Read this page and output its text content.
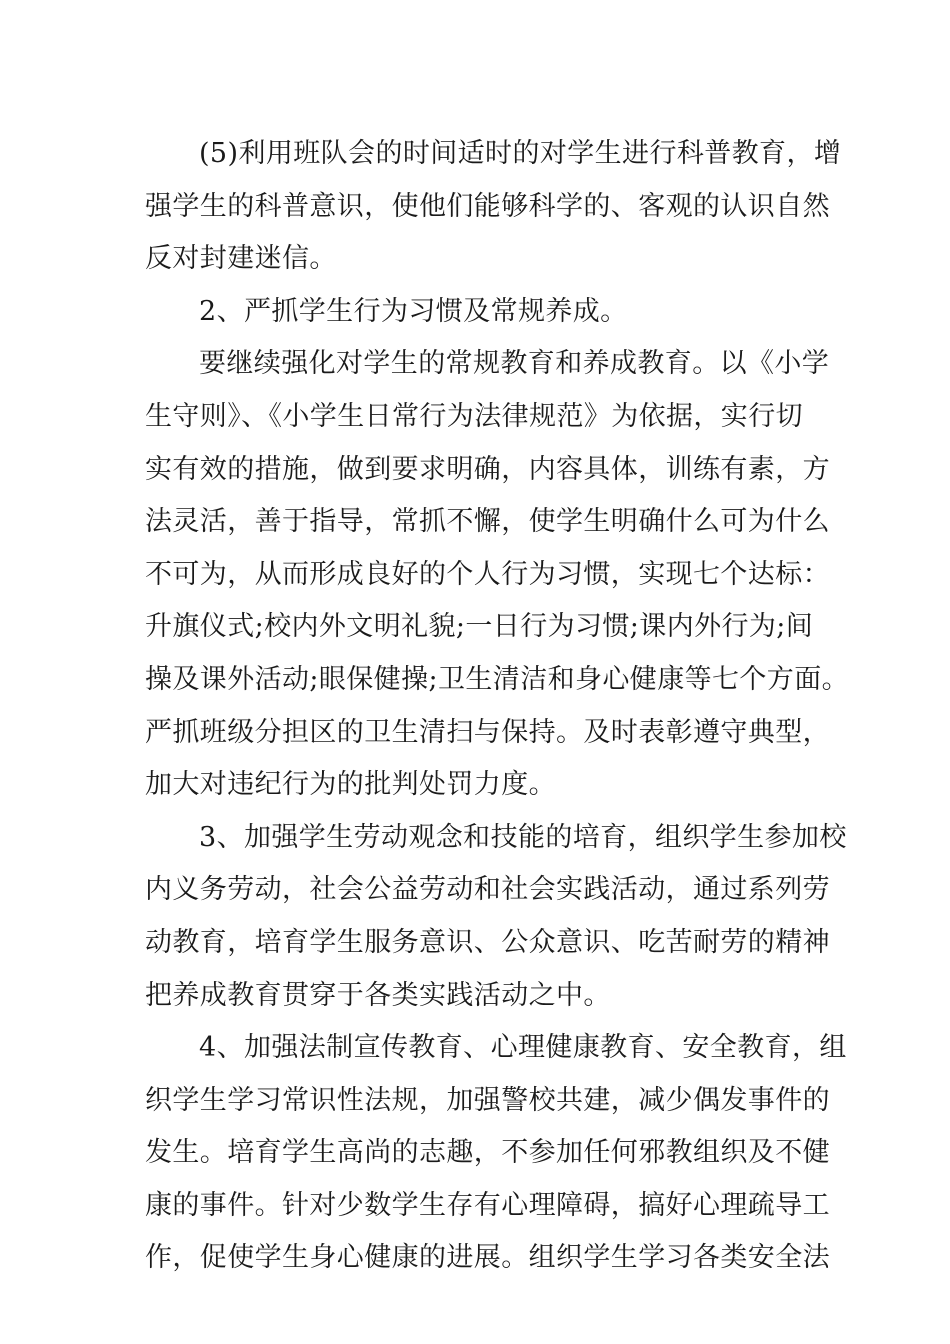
(5)利用班队会的时间适时的对学生进行科普教育，增
强学生的科普意识，使他们能够科学的、客观的认识自然
反对封建迷信。
2、严抓学生行为习惯及常规养成。
要继续强化对学生的常规教育和养成教育。以《小学
生守则》、《小学生日常行为法律规范》为依据，实行切
实有效的措施，做到要求明确，内容具体，训练有素，方
法灵活，善于指导，常抓不懈，使学生明确什么可为什么
不可为，从而形成良好的个人行为习惯，实现七个达标：
升旗仪式;校内外文明礼貌;一日行为习惯;课内外行为;间
操及课外活动;眼保健操;卫生清洁和身心健康等七个方面。
严抓班级分担区的卫生清扫与保持。及时表彰遵守典型，
加大对违纪行为的批判处罚力度。
3、加强学生劳动观念和技能的培育，组织学生参加校
内义务劳动，社会公益劳动和社会实践活动，通过系列劳
动教育，培育学生服务意识、公众意识、吃苦耐劳的精神
把养成教育贯穿于各类实践活动之中。
4、加强法制宣传教育、心理健康教育、安全教育，组
织学生学习常识性法规，加强警校共建，减少偶发事件的
发生。培育学生高尚的志趣，不参加任何邪教组织及不健
康的事件。针对少数学生存有心理障碍，搞好心理疏导工
作，促使学生身心健康的进展。组织学生学习各类安全法
